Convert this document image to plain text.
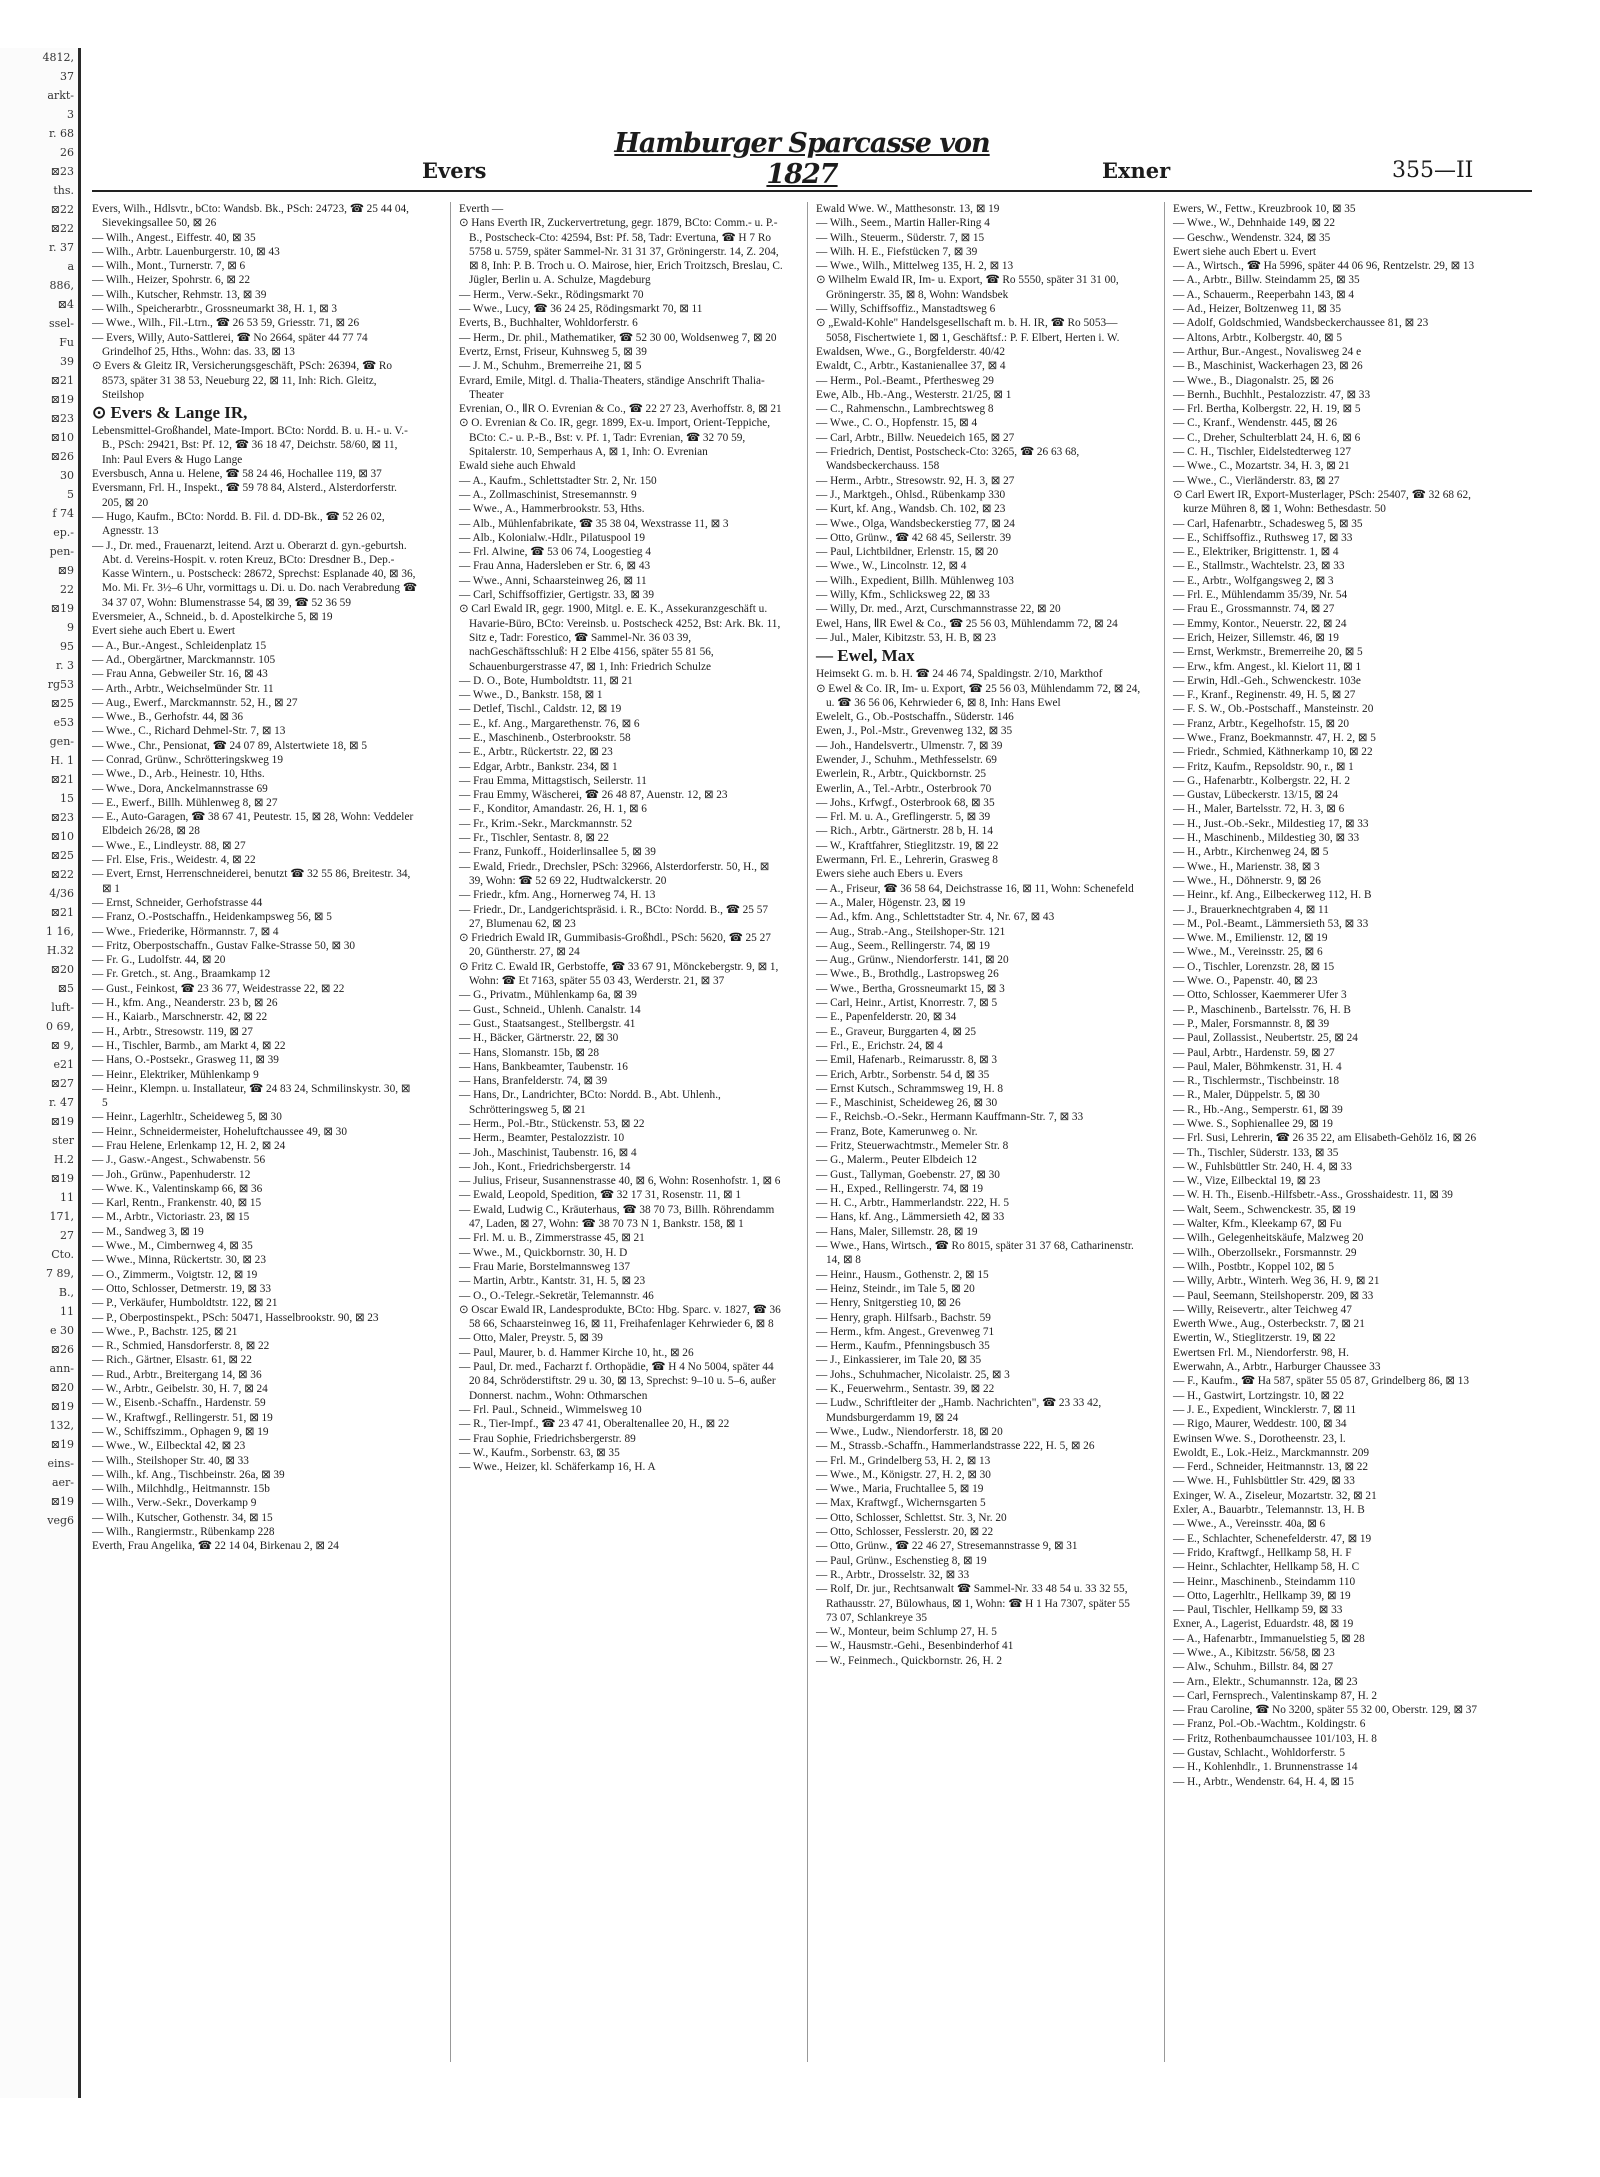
4812,
37
arkt-
3
r. 68
26
⊠23
ths.
⊠22
⊠22
r. 37
a
886,
⊠4
ssel-
Fu
39
⊠21
⊠19
⊠23
⊠10
⊠26
30
5
f 74
ep.-
pen-
⊠9
22
⊠19
9
95
r. 3
rg53
⊠25
e53
gen-
H. 1
⊠21
15
⊠23
⊠10
⊠25
⊠22
4/36
⊠21
1 16,
H.32
⊠20
⊠5
luft-
0 69,
⊠ 9,
e21
⊠27
r. 47
⊠19
ster
H.2
⊠19
11
171,
27
Cto.
7 89,
B.,
11
e 30
⊠26
ann-
⊠20
⊠19
132,
⊠19
eins-
aer-
⊠19
veg6
Evers
Hamburger Sparcasse von 1827	Exner	355—II
Evers, Wilh., Hdlsvtr., bCto: Wandsb. Bk., PSch: 24723, ☎ 25 44 04, Sievekingsallee 50, ⊠ 26
— Wilh., Angest., Eiffestr. 40, ⊠ 35
— Wilh., Arbtr. Lauenburgerstr. 10, ⊠ 43
— Wilh., Mont., Turnerstr. 7, ⊠ 6
— Wilh., Heizer, Spohrstr. 6, ⊠ 22
— Wilh., Kutscher, Rehmstr. 13, ⊠ 39
— Wilh., Speicherarbtr., Grossneumarkt 38, H. 1, ⊠ 3
— Wwe., Wilh., Fil.-Ltrn., ☎ 26 53 59, Griesstr. 71, ⊠ 26
— Evers, Willy, Auto-Sattlerei, ☎ No 2664, später 44 77 74 Grindelhof 25, Hths., Wohn: das. 33, ⊠ 13
⊙ Evers & Gleitz IR, Versicherungsgeschäft, PSch: 26394, ☎ Ro 8573, später 31 38 53, Neueburg 22, ⊠ 11, Inh: Rich. Gleitz, Steilshop
⊙ Evers & Lange IR,
Lebensmittel-Großhandel, Mate-Import. BCto: Nordd. B. u. H.- u. V.-B., PSch: 29421, Bst: Pf. 12, ☎ 36 18 47, Deichstr. 58/60, ⊠ 11, Inh: Paul Evers & Hugo Lange
Eversbusch, Anna u. Helene, ☎ 58 24 46, Hochallee 119, ⊠ 37
Eversmann, Frl. H., Inspekt., ☎ 59 78 84, Alsterd., Alsterdorferstr. 205, ⊠ 20
— Hugo, Kaufm., BCto: Nordd. B. Fil. d. DD-Bk., ☎ 52 26 02, Agnesstr. 13
— J., Dr. med., Frauenarzt, leitend. Arzt u. Oberarzt d. gyn.-geburtsh. Abt. d. Vereins-Hospit. v. roten Kreuz, BCto: Dresdner B., Dep.-Kasse Wintern., u. Postscheck: 28672, Sprechst: Esplanade 40, ⊠ 36, Mo. Mi. Fr. 3½–6 Uhr, vormittags u. Di. u. Do. nach Verabredung ☎ 34 37 07, Wohn: Blumenstrasse 54, ⊠ 39, ☎ 52 36 59
Eversmeier, A., Schneid., b. d. Apostelkirche 5, ⊠ 19
Evert siehe auch Ebert u. Ewert
— A., Bur.-Angest., Schleidenplatz 15
— Ad., Obergärtner, Marckmannstr. 105
— Frau Anna, Gebweiler Str. 16, ⊠ 43
— Arth., Arbtr., Weichselmünder Str. 11
— Aug., Ewerf., Marckmannstr. 52, H., ⊠ 27
— Wwe., B., Gerhofstr. 44, ⊠ 36
— Wwe., C., Richard Dehmel-Str. 7, ⊠ 13
— Wwe., Chr., Pensionat, ☎ 24 07 89, Alstertwiete 18, ⊠ 5
— Conrad, Grünw., Schrötteringskweg 19
— Wwe., D., Arb., Heinestr. 10, Hths.
— Wwe., Dora, Anckelmannstrasse 69
— E., Ewerf., Billh. Mühlenweg 8, ⊠ 27
— E., Auto-Garagen, ☎ 38 67 41, Peutestr. 15, ⊠ 28, Wohn: Veddeler Elbdeich 26/28, ⊠ 28
— Wwe., E., Lindleystr. 88, ⊠ 27
— Frl. Else, Fris., Weidestr. 4, ⊠ 22
— Evert, Ernst, Herrenschneiderei, benutzt ☎ 32 55 86, Breitestr. 34, ⊠ 1
— Ernst, Schneider, Gerhofstrasse 44
— Franz, O.-Postschaffn., Heidenkampsweg 56, ⊠ 5
— Wwe., Friederike, Hörmannstr. 7, ⊠ 4
— Fritz, Oberpostschaffn., Gustav Falke-Strasse 50, ⊠ 30
— Fr. G., Ludolfstr. 44, ⊠ 20
— Fr. Gretch., st. Ang., Braamkamp 12
— Gust., Feinkost, ☎ 23 36 77, Weidestrasse 22, ⊠ 22
— H., kfm. Ang., Neanderstr. 23 b, ⊠ 26
— H., Kaiarb., Marschnerstr. 42, ⊠ 22
— H., Arbtr., Stresowstr. 119, ⊠ 27
— H., Tischler, Barmb., am Markt 4, ⊠ 22
— Hans, O.-Postsekr., Grasweg 11, ⊠ 39
— Heinr., Elektriker, Mühlenkamp 9
— Heinr., Klempn. u. Installateur, ☎ 24 83 24, Schmilinskystr. 30, ⊠ 5
— Heinr., Lagerhltr., Scheideweg 5, ⊠ 30
— Heinr., Schneidermeister, Hoheluftchaussee 49, ⊠ 30
— Frau Helene, Erlenkamp 12, H. 2, ⊠ 24
— J., Gasw.-Angest., Schwabenstr. 56
— Joh., Grünw., Papenhuderstr. 12
— Wwe. K., Valentinskamp 66, ⊠ 36
— Karl, Rentn., Frankenstr. 40, ⊠ 15
— M., Arbtr., Victoriastr. 23, ⊠ 15
— M., Sandweg 3, ⊠ 19
— Wwe., M., Cimbernweg 4, ⊠ 35
— Wwe., Minna, Rückertstr. 30, ⊠ 23
— O., Zimmerm., Voigtstr. 12, ⊠ 19
— Otto, Schlosser, Detmerstr. 19, ⊠ 33
— P., Verkäufer, Humboldtstr. 122, ⊠ 21
— P., Oberpostinspekt., PSch: 50471, Hasselbrookstr. 90, ⊠ 23
— Wwe., P., Bachstr. 125, ⊠ 21
— R., Schmied, Hansdorferstr. 8, ⊠ 22
— Rich., Gärtner, Elsastr. 61, ⊠ 22
— Rud., Arbtr., Breitergang 14, ⊠ 36
— W., Arbtr., Geibelstr. 30, H. 7, ⊠ 24
— W., Eisenb.-Schaffn., Hardenstr. 59
— W., Kraftwgf., Rellingerstr. 51, ⊠ 19
— W., Schiffszimm., Ophagen 9, ⊠ 19
— Wwe., W., Eilbecktal 42, ⊠ 23
— Wilh., Steilshoper Str. 40, ⊠ 33
— Wilh., kf. Ang., Tischbeinstr. 26a, ⊠ 39
— Wilh., Milchhdlg., Heitmannstr. 15b
— Wilh., Verw.-Sekr., Doverkamp 9
— Wilh., Kutscher, Gothenstr. 34, ⊠ 15
— Wilh., Rangiermstr., Rübenkamp 228
Everth, Frau Angelika, ☎ 22 14 04, Birkenau 2, ⊠ 24
Everth —
⊙ Hans Everth IR, Zuckervertretung, gegr. 1879, BCto: Comm.- u. P.-B., Postscheck-Cto: 42594, Bst: Pf. 58, Tadr: Evertuna, ☎ H 7 Ro 5758 u. 5759, später Sammel-Nr. 31 31 37, Gröningerstr. 14, Z. 204, ⊠ 8, Inh: P. B. Troch u. O. Mairose, hier, Erich Troitzsch, Breslau, C. Jügler, Berlin u. A. Schulze, Magdeburg
— Herm., Verw.-Sekr., Rödingsmarkt 70
— Wwe., Lucy, ☎ 36 24 25, Rödingsmarkt 70, ⊠ 11
Everts, B., Buchhalter, Wohldorferstr. 6
— Herm., Dr. phil., Mathematiker, ☎ 52 30 00, Woldsenweg 7, ⊠ 20
Evertz, Ernst, Friseur, Kuhnsweg 5, ⊠ 39
— J. M., Schuhm., Bremerreihe 21, ⊠ 5
Evrard, Emile, Mitgl. d. Thalia-Theaters, ständige Anschrift Thalia-Theater
Evrenian, O., ⅡR O. Evrenian & Co., ☎ 22 27 23, Averhoffstr. 8, ⊠ 21
⊙ O. Evrenian & Co. IR, gegr. 1899, Ex-u. Import, Orient-Teppiche, BCto: C.- u. P.-B., Bst: v. Pf. 1, Tadr: Evrenian, ☎ 32 70 59, Spitalerstr. 10, Semperhaus A, ⊠ 1, Inh: O. Evrenian
Ewald siehe auch Ehwald
— A., Kaufm., Schlettstadter Str. 2, Nr. 150
— A., Zollmaschinist, Stresemannstr. 9
— Wwe., A., Hammerbrookstr. 53, Hths.
— Alb., Mühlenfabrikate, ☎ 35 38 04, Wexstrasse 11, ⊠ 3
— Alb., Kolonialw.-Hdlr., Pilatuspool 19
— Frl. Alwine, ☎ 53 06 74, Loogestieg 4
— Frau Anna, Hadersleben er Str. 6, ⊠ 43
— Wwe., Anni, Schaarsteinweg 26, ⊠ 11
— Carl, Schiffsoffizier, Gertigstr. 33, ⊠ 39
⊙ Carl Ewald IR, gegr. 1900, Mitgl. e. E. K., Assekuranzgeschäft u. Havarie-Büro, BCto: Vereinsb. u. Postscheck 4252, Bst: Ark. Bk. 11, Sitz e, Tadr: Forestico, ☎ Sammel-Nr. 36 03 39, nachGeschäftsschluß: H 2 Elbe 4156, später 55 81 56, Schauenburgerstrasse 47, ⊠ 1, Inh: Friedrich Schulze
— D. O., Bote, Humboldtstr. 11, ⊠ 21
— Wwe., D., Bankstr. 158, ⊠ 1
— Detlef, Tischl., Caldstr. 12, ⊠ 19
— E., kf. Ang., Margarethenstr. 76, ⊠ 6
— E., Maschinenb., Osterbrookstr. 58
— E., Arbtr., Rückertstr. 22, ⊠ 23
— Edgar, Arbtr., Bankstr. 234, ⊠ 1
— Frau Emma, Mittagstisch, Seilerstr. 11
— Frau Emmy, Wäscherei, ☎ 26 48 87, Auenstr. 12, ⊠ 23
— F., Konditor, Amandastr. 26, H. 1, ⊠ 6
— Fr., Krim.-Sekr., Marckmannstr. 52
— Fr., Tischler, Sentastr. 8, ⊠ 22
— Franz, Funkoff., Hoiderlinsallee 5, ⊠ 39
— Ewald, Friedr., Drechsler, PSch: 32966, Alsterdorferstr. 50, H., ⊠ 39, Wohn: ☎ 52 69 22, Hudtwalckerstr. 20
— Friedr., kfm. Ang., Hornerweg 74, H. 13
— Friedr., Dr., Landgerichtspräsid. i. R., BCto: Nordd. B., ☎ 25 57 27, Blumenau 62, ⊠ 23
⊙ Friedrich Ewald IR, Gummibasis-Großhdl., PSch: 5620, ☎ 25 27 20, Güntherstr. 27, ⊠ 24
⊙ Fritz C. Ewald IR, Gerbstoffe, ☎ 33 67 91, Mönckebergstr. 9, ⊠ 1, Wohn: ☎ Et 7163, später 55 03 43, Werderstr. 21, ⊠ 37
— G., Privatm., Mühlenkamp 6a, ⊠ 39
— Gust., Schneid., Uhlenh. Canalstr. 14
— Gust., Staatsangest., Stellbergstr. 41
— H., Bäcker, Gärtnerstr. 22, ⊠ 30
— Hans, Slomanstr. 15b, ⊠ 28
— Hans, Bankbeamter, Taubenstr. 16
— Hans, Branfelderstr. 74, ⊠ 39
— Hans, Dr., Landrichter, BCto: Nordd. B., Abt. Uhlenh., Schrötteringsweg 5, ⊠ 21
— Herm., Pol.-Btr., Stückenstr. 53, ⊠ 22
— Herm., Beamter, Pestalozzistr. 10
— Joh., Maschinist, Taubenstr. 16, ⊠ 4
— Joh., Kont., Friedrichsbergerstr. 14
— Julius, Friseur, Susannenstrasse 40, ⊠ 6, Wohn: Rosenhofstr. 1, ⊠ 6
— Ewald, Leopold, Spedition, ☎ 32 17 31, Rosenstr. 11, ⊠ 1
— Ewald, Ludwig C., Kräuterhaus, ☎ 38 70 73, Billh. Röhrendamm 47, Laden, ⊠ 27, Wohn: ☎ 38 70 73 N 1, Bankstr. 158, ⊠ 1
— Frl. M. u. B., Zimmerstrasse 45, ⊠ 21
— Wwe., M., Quickbornstr. 30, H. D
— Frau Marie, Borstelmannsweg 137
— Martin, Arbtr., Kantstr. 31, H. 5, ⊠ 23
— O., O.-Telegr.-Sekretär, Telemannstr. 46
⊙ Oscar Ewald IR, Landesprodukte, BCto: Hbg. Sparc. v. 1827, ☎ 36 58 66, Schaarsteinweg 16, ⊠ 11, Freihafenlager Kehrwieder 6, ⊠ 8
— Otto, Maler, Preystr. 5, ⊠ 39
— Paul, Maurer, b. d. Hammer Kirche 10, ht., ⊠ 26
— Paul, Dr. med., Facharzt f. Orthopädie, ☎ H 4 No 5004, später 44 20 84, Schröderstiftstr. 29 u. 30, ⊠ 13, Sprechst: 9–10 u. 5–6, außer Donnerst. nachm., Wohn: Othmarschen
— Frl. Paul., Schneid., Wimmelsweg 10
— R., Tier-Impf., ☎ 23 47 41, Oberaltenallee 20, H., ⊠ 22
— Frau Sophie, Friedrichsbergerstr. 89
— W., Kaufm., Sorbenstr. 63, ⊠ 35
— Wwe., Heizer, kl. Schäferkamp 16, H. A
Ewald Wwe. W., Matthesonstr. 13, ⊠ 19
— Wilh., Seem., Martin Haller-Ring 4
— Wilh., Steuerm., Süderstr. 7, ⊠ 15
— Wilh. H. E., Fiefstücken 7, ⊠ 39
— Wwe., Wilh., Mittelweg 135, H. 2, ⊠ 13
⊙ Wilhelm Ewald IR, Im- u. Export, ☎ Ro 5550, später 31 31 00, Gröningerstr. 35, ⊠ 8, Wohn: Wandsbek
— Willy, Schiffsoffiz., Manstadtsweg 6
⊙ „Ewald-Kohle" Handelsgesellschaft m. b. H. IR, ☎ Ro 5053—5058, Fischertwiete 1, ⊠ 1, Geschäftsf.: P. F. Elbert, Herten i. W.
Ewaldsen, Wwe., G., Borgfelderstr. 40/42
Ewaldt, C., Arbtr., Kastanienallee 37, ⊠ 4
— Herm., Pol.-Beamt., Pferthesweg 29
Ewe, Alb., Hb.-Ang., Westerstr. 21/25, ⊠ 1
— C., Rahmenschn., Lambrechtsweg 8
— Wwe., C. O., Hopfenstr. 15, ⊠ 4
— Carl, Arbtr., Billw. Neuedeich 165, ⊠ 27
— Friedrich, Dentist, Postscheck-Cto: 3265, ☎ 26 63 68, Wandsbeckerchauss. 158
— Herm., Arbtr., Stresowstr. 92, H. 3, ⊠ 27
— J., Marktgeh., Ohlsd., Rübenkamp 330
— Kurt, kf. Ang., Wandsb. Ch. 102, ⊠ 23
— Wwe., Olga, Wandsbeckerstieg 77, ⊠ 24
— Otto, Grünw., ☎ 42 68 45, Seilerstr. 39
— Paul, Lichtbildner, Erlenstr. 15, ⊠ 20
— Wwe., W., Lincolnstr. 12, ⊠ 4
— Wilh., Expedient, Billh. Mühlenweg 103
— Willy, Kfm., Schlicksweg 22, ⊠ 33
— Willy, Dr. med., Arzt, Curschmannstrasse 22, ⊠ 20
Ewel, Hans, ⅡR Ewel & Co., ☎ 25 56 03, Mühlendamm 72, ⊠ 24
— Jul., Maler, Kibitzstr. 53, H. B, ⊠ 23
— Ewel, Max
Heimsekt G. m. b. H. ☎ 24 46 74, Spaldingstr. 2/10, Markthof
⊙ Ewel & Co. IR, Im- u. Export, ☎ 25 56 03, Mühlendamm 72, ⊠ 24, u. ☎ 36 56 06, Kehrwieder 6, ⊠ 8, Inh: Hans Ewel
Ewelelt, G., Ob.-Postschaffn., Süderstr. 146
Ewen, J., Pol.-Mstr., Grevenweg 132, ⊠ 35
— Joh., Handelsvertr., Ulmenstr. 7, ⊠ 39
Ewender, J., Schuhm., Methfesselstr. 69
Ewerlein, R., Arbtr., Quickbornstr. 25
Ewerlin, A., Tel.-Arbtr., Osterbrook 70
— Johs., Krfwgf., Osterbrook 68, ⊠ 35
— Frl. M. u. A., Greflingerstr. 5, ⊠ 39
— Rich., Arbtr., Gärtnerstr. 28 b, H. 14
— W., Kraftfahrer, Stieglitzstr. 19, ⊠ 22
Ewermann, Frl. E., Lehrerin, Grasweg 8
Ewers siehe auch Ebers u. Evers
— A., Friseur, ☎ 36 58 64, Deichstrasse 16, ⊠ 11, Wohn: Schenefeld
— A., Maler, Högenstr. 23, ⊠ 19
— Ad., kfm. Ang., Schlettstadter Str. 4, Nr. 67, ⊠ 43
— Aug., Strab.-Ang., Steilshoper-Str. 121
— Aug., Seem., Rellingerstr. 74, ⊠ 19
— Aug., Grünw., Niendorferstr. 141, ⊠ 20
— Wwe., B., Brothdlg., Lastropsweg 26
— Wwe., Bertha, Grossneumarkt 15, ⊠ 3
— Carl, Heinr., Artist, Knorrestr. 7, ⊠ 5
— E., Papenfelderstr. 20, ⊠ 34
— E., Graveur, Burggarten 4, ⊠ 25
— Frl., E., Erichstr. 24, ⊠ 4
— Emil, Hafenarb., Reimarusstr. 8, ⊠ 3
— Erich, Arbtr., Sorbenstr. 54 d, ⊠ 35
— Ernst Kutsch., Schrammsweg 19, H. 8
— F., Maschinist, Scheideweg 26, ⊠ 30
— F., Reichsb.-O.-Sekr., Hermann Kauffmann-Str. 7, ⊠ 33
— Franz, Bote, Kamerunweg o. Nr.
— Fritz, Steuerwachtmstr., Memeler Str. 8
— G., Malerm., Peuter Elbdeich 12
— Gust., Tallyman, Goebenstr. 27, ⊠ 30
— H., Exped., Rellingerstr. 74, ⊠ 19
— H. C., Arbtr., Hammerlandstr. 222, H. 5
— Hans, kf. Ang., Lämmersieth 42, ⊠ 33
— Hans, Maler, Sillemstr. 28, ⊠ 19
— Wwe., Hans, Wirtsch., ☎ Ro 8015, später 31 37 68, Catharinenstr. 14, ⊠ 8
— Heinr., Hausm., Gothenstr. 2, ⊠ 15
— Heinz, Steindr., im Tale 5, ⊠ 20
— Henry, Snitgerstieg 10, ⊠ 26
— Henry, graph. Hilfsarb., Bachstr. 59
— Herm., kfm. Angest., Grevenweg 71
— Herm., Kaufm., Pfenningsbusch 35
— J., Einkassierer, im Tale 20, ⊠ 35
— Johs., Schuhmacher, Nicolaistr. 25, ⊠ 3
— K., Feuerwehrm., Sentastr. 39, ⊠ 22
— Ludw., Schriftleiter der „Hamb. Nachrichten", ☎ 23 33 42, Mundsburgerdamm 19, ⊠ 24
— Wwe., Ludw., Niendorferstr. 18, ⊠ 20
— M., Strassb.-Schaffn., Hammerlandstrasse 222, H. 5, ⊠ 26
— Frl. M., Grindelberg 53, H. 2, ⊠ 13
— Wwe., M., Königstr. 27, H. 2, ⊠ 30
— Wwe., Maria, Fruchtallee 5, ⊠ 19
— Max, Kraftwgf., Wichernsgarten 5
— Otto, Schlosser, Schlettst. Str. 3, Nr. 20
— Otto, Schlosser, Fesslerstr. 20, ⊠ 22
— Otto, Grünw., ☎ 22 46 27, Stresemannstrasse 9, ⊠ 31
— Paul, Grünw., Eschenstieg 8, ⊠ 19
— R., Arbtr., Drosselstr. 32, ⊠ 33
— Rolf, Dr. jur., Rechtsanwalt ☎ Sammel-Nr. 33 48 54 u. 33 32 55, Rathausstr. 27, Bülowhaus, ⊠ 1, Wohn: ☎ H 1 Ha 7307, später 55 73 07, Schlankreye 35
— W., Monteur, beim Schlump 27, H. 5
— W., Hausmstr.-Gehi., Besenbinderhof 41
— W., Feinmech., Quickbornstr. 26, H. 2
Ewers, W., Fettw., Kreuzbrook 10, ⊠ 35
— Wwe., W., Dehnhaide 149, ⊠ 22
— Geschw., Wendenstr. 324, ⊠ 35
Ewert siehe auch Ebert u. Evert
— A., Wirtsch., ☎ Ha 5996, später 44 06 96, Rentzelstr. 29, ⊠ 13
— A., Arbtr., Billw. Steindamm 25, ⊠ 35
— A., Schauerm., Reeperbahn 143, ⊠ 4
— Ad., Heizer, Boltzenweg 11, ⊠ 35
— Adolf, Goldschmied, Wandsbeckerchaussee 81, ⊠ 23
— Altons, Arbtr., Kolbergstr. 40, ⊠ 5
— Arthur, Bur.-Angest., Novalisweg 24 e
— B., Maschinist, Wackerhagen 23, ⊠ 26
— Wwe., B., Diagonalstr. 25, ⊠ 26
— Bernh., Buchhlt., Pestalozzistr. 47, ⊠ 33
— Frl. Bertha, Kolbergstr. 22, H. 19, ⊠ 5
— C., Kranf., Wendenstr. 445, ⊠ 26
— C., Dreher, Schulterblatt 24, H. 6, ⊠ 6
— C. H., Tischler, Eidelstedterweg 127
— Wwe., C., Mozartstr. 34, H. 3, ⊠ 21
— Wwe., C., Vierländerstr. 83, ⊠ 27
⊙ Carl Ewert IR, Export-Musterlager, PSch: 25407, ☎ 32 68 62, kurze Mühren 8, ⊠ 1, Wohn: Bethesdastr. 50
— Carl, Hafenarbtr., Schadesweg 5, ⊠ 35
— E., Schiffsoffiz., Ruthsweg 17, ⊠ 33
— E., Elektriker, Brigittenstr. 1, ⊠ 4
— E., Stallmstr., Wachtelstr. 23, ⊠ 33
— E., Arbtr., Wolfgangsweg 2, ⊠ 3
— Frl. E., Mühlendamm 35/39, Nr. 54
— Frau E., Grossmannstr. 74, ⊠ 27
— Emmy, Kontor., Neuerstr. 22, ⊠ 24
— Erich, Heizer, Sillemstr. 46, ⊠ 19
— Ernst, Werkmstr., Bremerreihe 20, ⊠ 5
— Erw., kfm. Angest., kl. Kielort 11, ⊠ 1
— Erwin, Hdl.-Geh., Schwenckestr. 103e
— F., Kranf., Reginenstr. 49, H. 5, ⊠ 27
— F. S. W., Ob.-Postschaff., Mansteinstr. 20
— Franz, Arbtr., Kegelhofstr. 15, ⊠ 20
— Wwe., Franz, Boekmannstr. 47, H. 2, ⊠ 5
— Friedr., Schmied, Käthnerkamp 10, ⊠ 22
— Fritz, Kaufm., Repsoldstr. 90, r., ⊠ 1
— G., Hafenarbtr., Kolbergstr. 22, H. 2
— Gustav, Lübeckerstr. 13/15, ⊠ 24
— H., Maler, Bartelsstr. 72, H. 3, ⊠ 6
— H., Just.-Ob.-Sekr., Mildestieg 17, ⊠ 33
— H., Maschinenb., Mildestieg 30, ⊠ 33
— H., Arbtr., Kirchenweg 24, ⊠ 5
— Wwe., H., Marienstr. 38, ⊠ 3
— Wwe., H., Döhnerstr. 9, ⊠ 26
— Heinr., kf. Ang., Eilbeckerweg 112, H. B
— J., Brauerknechtgraben 4, ⊠ 11
— M., Pol.-Beamt., Lämmersieth 53, ⊠ 33
— Wwe. M., Emilienstr. 12, ⊠ 19
— Wwe., M., Vereinsstr. 25, ⊠ 6
— O., Tischler, Lorenzstr. 28, ⊠ 15
— Wwe. O., Papenstr. 40, ⊠ 23
— Otto, Schlosser, Kaemmerer Ufer 3
— P., Maschinenb., Bartelsstr. 76, H. B
— P., Maler, Forsmannstr. 8, ⊠ 39
— Paul, Zollassist., Neubertstr. 25, ⊠ 24
— Paul, Arbtr., Hardenstr. 59, ⊠ 27
— Paul, Maler, Böhmkenstr. 31, H. 4
— R., Tischlermstr., Tischbeinstr. 18
— R., Maler, Düppelstr. 5, ⊠ 30
— R., Hb.-Ang., Semperstr. 61, ⊠ 39
— Wwe. S., Sophienallee 29, ⊠ 19
— Frl. Susi, Lehrerin, ☎ 26 35 22, am Elisabeth-Gehölz 16, ⊠ 26
— Th., Tischler, Süderstr. 133, ⊠ 35
— W., Fuhlsbüttler Str. 240, H. 4, ⊠ 33
— W., Vize, Eilbecktal 19, ⊠ 23
— W. H. Th., Eisenb.-Hilfsbetr.-Ass., Grosshaidestr. 11, ⊠ 39
— Walt, Seem., Schwenckestr. 35, ⊠ 19
— Walter, Kfm., Kleekamp 67, ⊠ Fu
— Wilh., Gelegenheitskäufe, Malzweg 20
— Wilh., Oberzollsekr., Forsmannstr. 29
— Wilh., Postbtr., Koppel 102, ⊠ 5
— Willy, Arbtr., Winterh. Weg 36, H. 9, ⊠ 21
— Paul, Seemann, Steilshoperstr. 209, ⊠ 33
— Willy, Reisevertr., alter Teichweg 47
Ewerth Wwe., Aug., Osterbeckstr. 7, ⊠ 21
Ewertin, W., Stieglitzerstr. 19, ⊠ 22
Ewertsen Frl. M., Niendorferstr. 98, H.
Ewerwahn, A., Arbtr., Harburger Chaussee 33
— F., Kaufm., ☎ Ha 587, später 55 05 87, Grindelberg 86, ⊠ 13
— H., Gastwirt, Lortzingstr. 10, ⊠ 22
— J. E., Expedient, Wincklerstr. 7, ⊠ 11
— Rigo, Maurer, Weddestr. 100, ⊠ 34
Ewinsen Wwe. S., Dorotheenstr. 23, l.
Ewoldt, E., Lok.-Heiz., Marckmannstr. 209
— Ferd., Schneider, Heitmannstr. 13, ⊠ 22
— Wwe. H., Fuhlsbüttler Str. 429, ⊠ 33
Exinger, W. A., Ziseleur, Mozartstr. 32, ⊠ 21
Exler, A., Bauarbtr., Telemannstr. 13, H. B
— Wwe., A., Vereinsstr. 40a, ⊠ 6
— E., Schlachter, Schenefelderstr. 47, ⊠ 19
— Frido, Kraftwgf., Hellkamp 58, H. F
— Heinr., Schlachter, Hellkamp 58, H. C
— Heinr., Maschinenb., Steindamm 110
— Otto, Lagerhltr., Hellkamp 39, ⊠ 19
— Paul, Tischler, Hellkamp 59, ⊠ 33
Exner, A., Lagerist, Eduardstr. 48, ⊠ 19
— A., Hafenarbtr., Immanuelstieg 5, ⊠ 28
— Wwe., A., Kibitzstr. 56/58, ⊠ 23
— Alw., Schuhm., Billstr. 84, ⊠ 27
— Arn., Elektr., Schumannstr. 12a, ⊠ 23
— Carl, Fernsprech., Valentinskamp 87, H. 2
— Frau Caroline, ☎ No 3200, später 55 32 00, Oberstr. 129, ⊠ 37
— Franz, Pol.-Ob.-Wachtm., Koldingstr. 6
— Fritz, Rothenbaumchaussee 101/103, H. 8
— Gustav, Schlacht., Wohldorferstr. 5
— H., Kohlenhdlr., 1. Brunnenstrasse 14
— H., Arbtr., Wendenstr. 64, H. 4, ⊠ 15
